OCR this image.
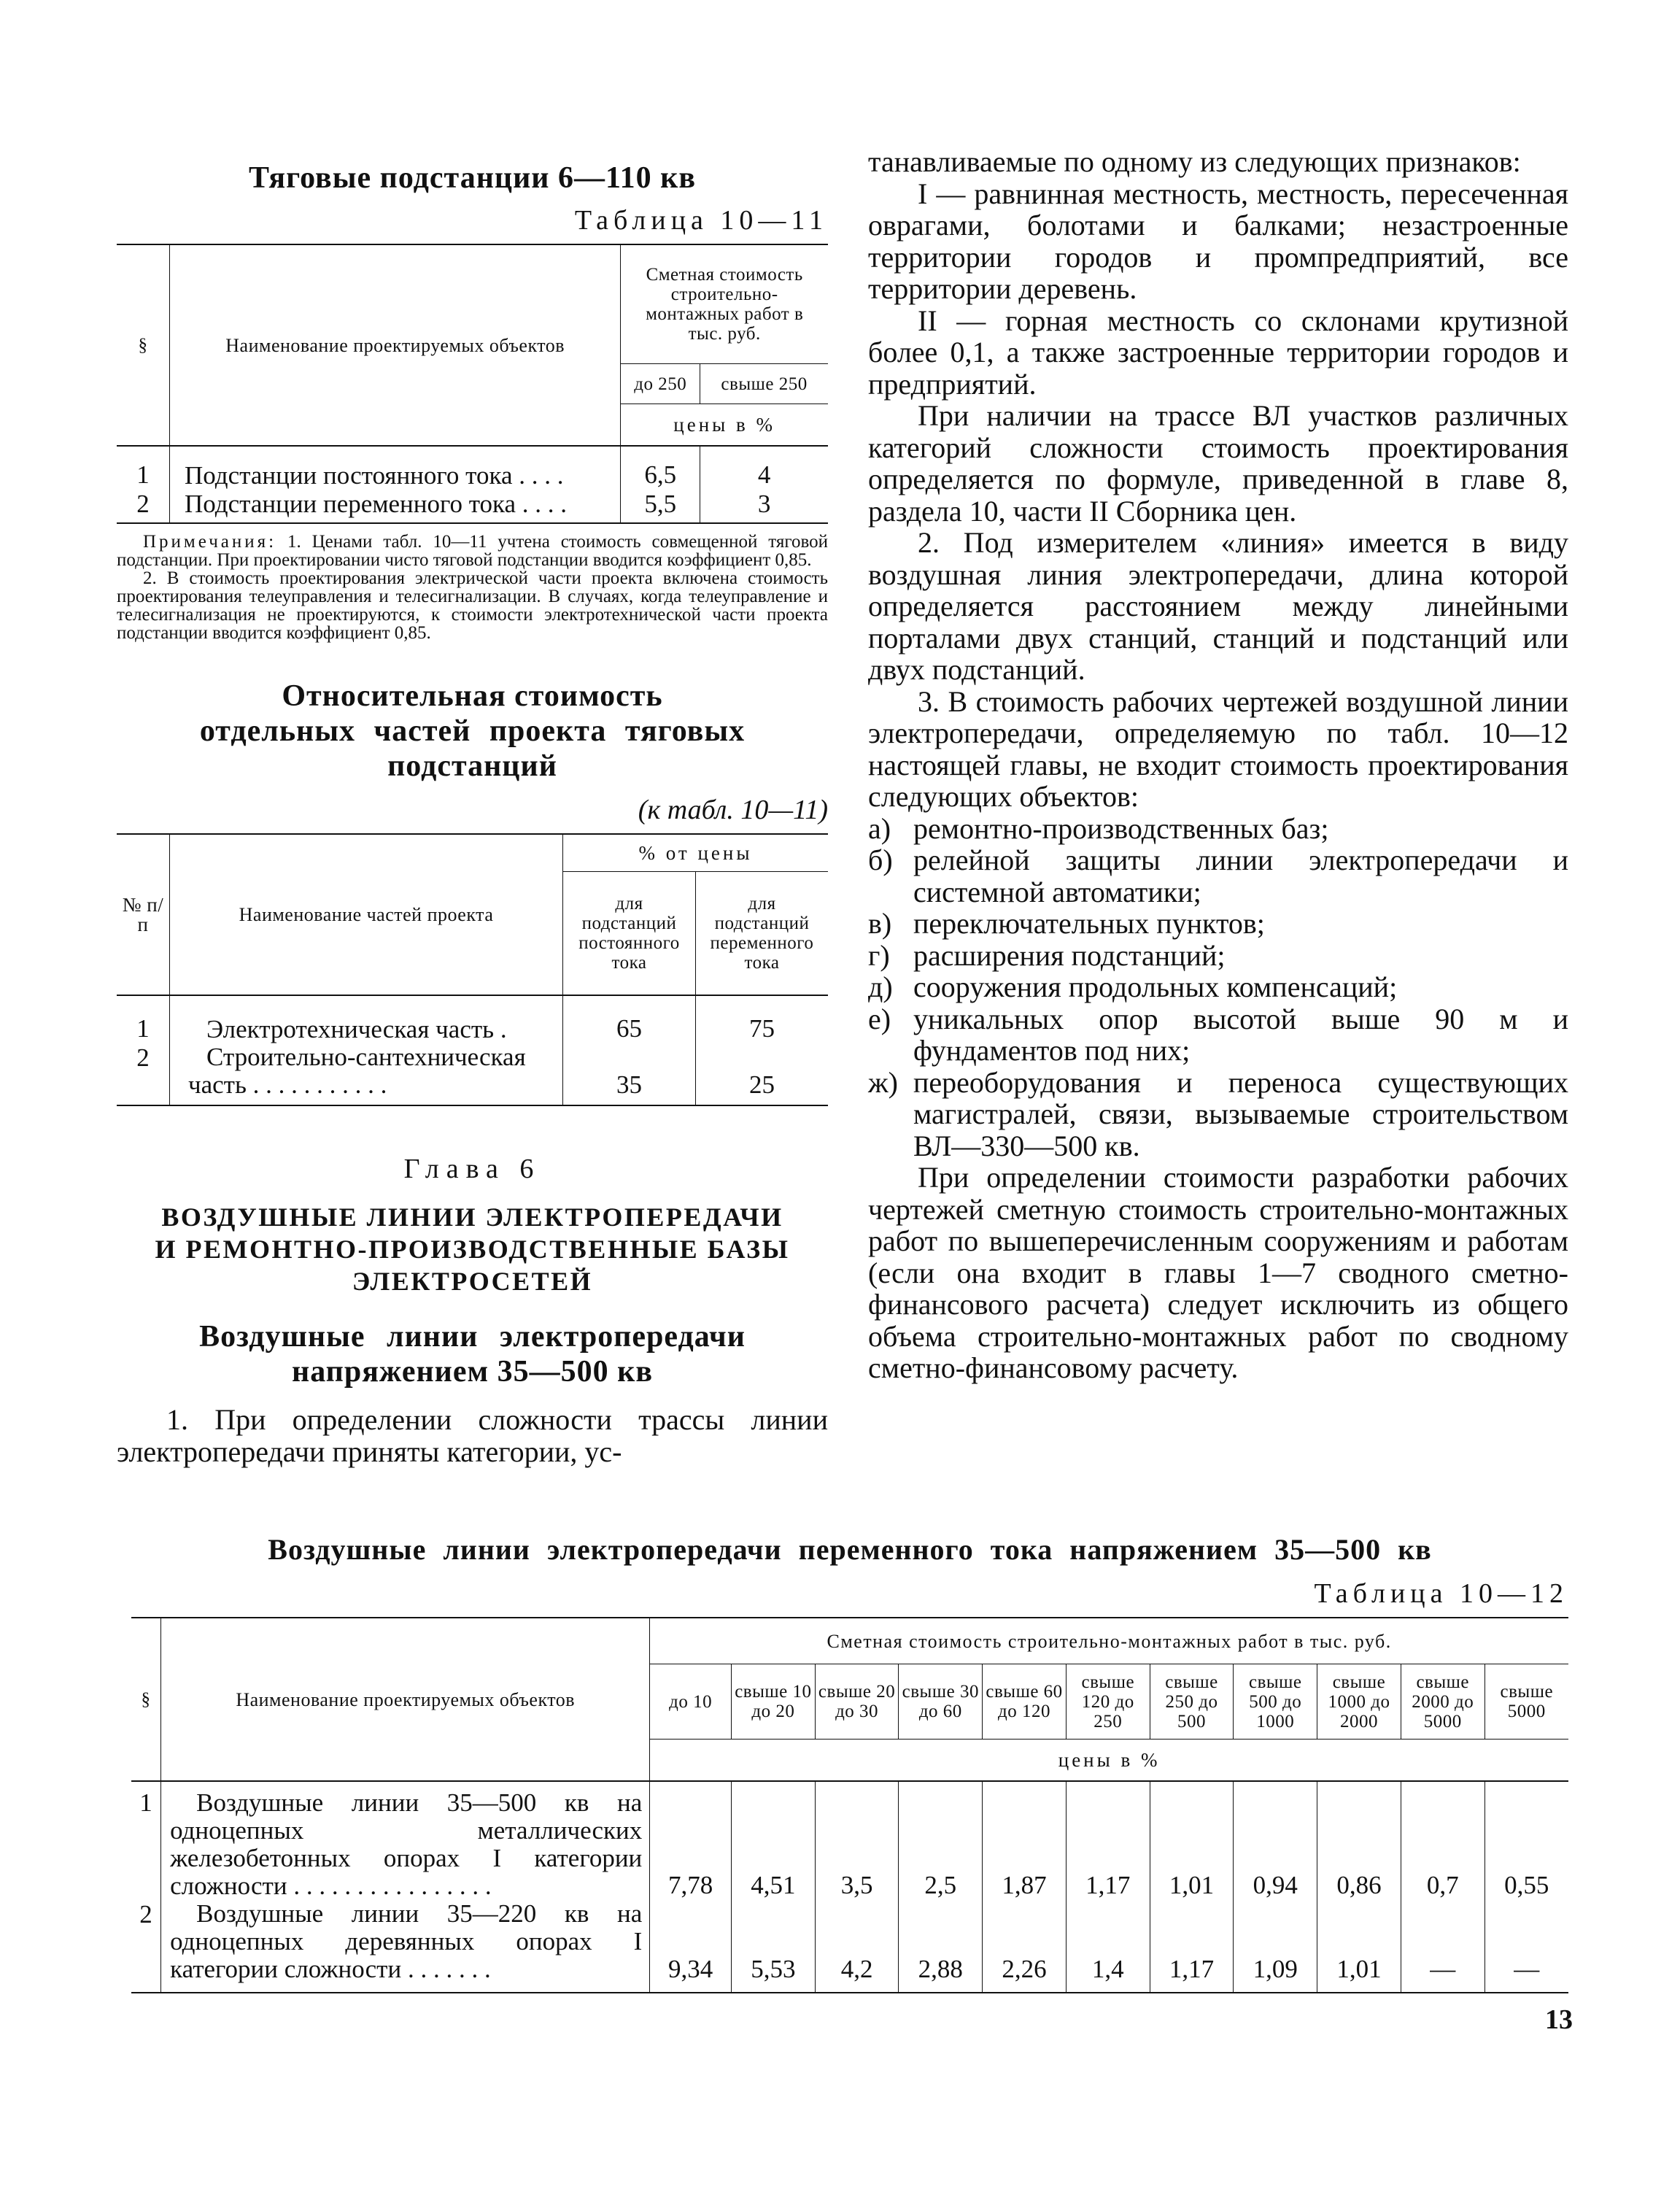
Тяговые подстанции 6—110 кв
Таблица 10—11
§	Наименование проектируемых объектов	Сметная стоимость строительно-монтажных работ в тыс. руб.	
		до 250	свыше 250
		цены в %	
1	Подстанции постоянного тока . . . .	6,5	4
2	Подстанции переменного тока . . . .	5,5	3

Примечания: 1. Ценами табл. 10—11 учтена стоимость совмещенной тяговой подстанции. При проектировании чисто тяговой подстанции вводится коэффициент 0,85.

2. В стоимость проектирования электрической части проекта включена стоимость проектирования телеуправления и телесигнализации. В случаях, когда телеуправление и телесигнализация не проектируются, к стоимости электротехнической части проекта подстанции вводится коэффициент 0,85.

Относительная стоимость
отдельных частей проекта тяговых
подстанций
(к табл. 10—11)
№ п/п	Наименование частей проекта	% от цены	
		для подстанций постоянного тока	для подстанций переменного тока
1	Электротехническая часть .	65	75
2	Строительно-сантехническая
часть . . . . . . . . . . .	35	25
Глава 6
ВОЗДУШНЫЕ ЛИНИИ ЭЛЕКТРОПЕРЕДАЧИ
И РЕМОНТНО-ПРОИЗВОДСТВЕННЫЕ БАЗЫ
ЭЛЕКТРОСЕТЕЙ
Воздушные линии электропередачи
напряжением 35—500 кв

1. При определении сложности трассы линии электропередачи приняты категории, ус-

танавливаемые по одному из следующих признаков:

I — равнинная местность, местность, пересеченная оврагами, болотами и балками; незастроенные территории городов и промпредприятий, все территории деревень.

II — горная местность со склонами крутизной более 0,1, а также застроенные территории городов и предприятий.

При наличии на трассе ВЛ участков различных категорий сложности стоимость проектирования определяется по формуле, приведенной в главе 8, раздела 10, части II Сборника цен.

2. Под измерителем «линия» имеется в виду воздушная линия электропередачи, длина которой определяется расстоянием между линейными порталами двух станций, станций и подстанций или двух подстанций.

3. В стоимость рабочих чертежей воздушной линии электропередачи, определяемую по табл. 10—12 настоящей главы, не входит стоимость проектирования следующих объектов:

а) ремонтно-производственных баз;
б) релейной защиты линии электропередачи и системной автоматики;
в) переключательных пунктов;
г) расширения подстанций;
д) сооружения продольных компенсаций;
е) уникальных опор высотой выше 90 м и фундаментов под них;
ж) переоборудования и переноса существующих магистралей, связи, вызываемые строительством ВЛ—330—500 кв.

При определении стоимости разработки рабочих чертежей сметную стоимость строительно-монтажных работ по вышеперечисленным сооружениям и работам (если она входит в главы 1—7 сводного сметно-финансового расчета) следует исключить из общего объема строительно-монтажных работ по сводному сметно-финансовому расчету.

Воздушные линии электропередачи переменного тока напряжением 35—500 кв
Таблица 10—12
§	Наименование проектируемых объектов	Сметная стоимость строительно-монтажных работ в тыс. руб.										
		до 10	свыше 10 до 20	свыше 20 до 30	свыше 30 до 60	свыше 60 до 120	свыше 120 до 250	свыше 250 до 500	свыше 500 до 1000	свыше 1000 до 2000	свыше 2000 до 5000	свыше 5000
		цены в %										
1	Воздушные линии 35—500 кв на одноцепных металлических железобетонных опорах I категории сложности . . . . . . . . . . . . . . . .	7,78	4,51	3,5	2,5	1,87	1,17	1,01	0,94	0,86	0,7	0,55
2	Воздушные линии 35—220 кв на одноцепных деревянных опорах I категории сложности . . . . . . .	9,34	5,53	4,2	2,88	2,26	1,4	1,17	1,09	1,01	—	—
13
